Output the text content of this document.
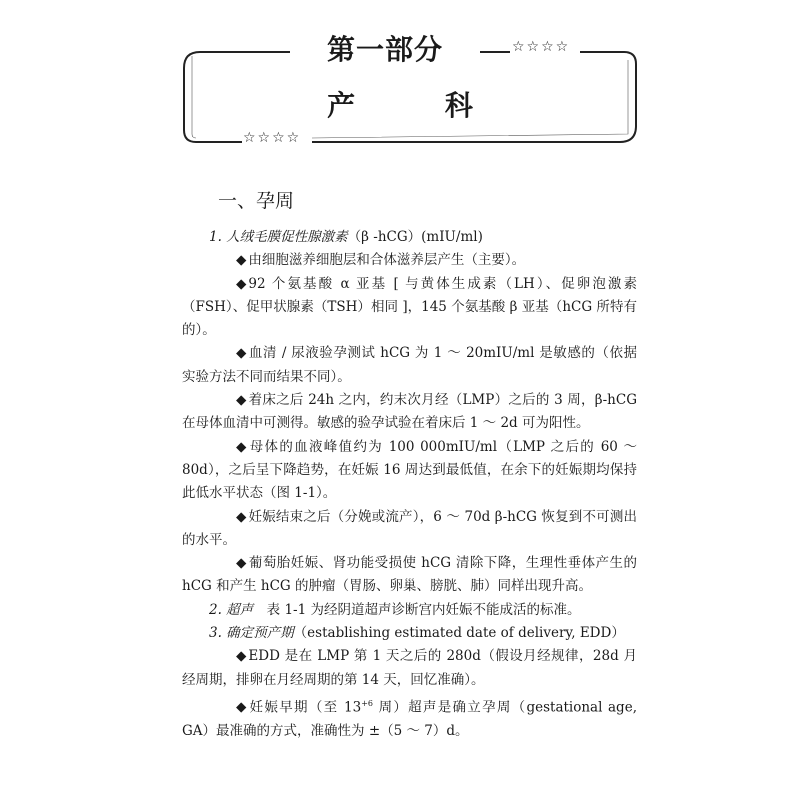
第一部分	☆☆☆☆
产 科
☆☆☆☆
一、孕周

1. 人绒毛膜促性腺激素（β -hCG）(mIU/ml)

◆ 由细胞滋养细胞层和合体滋养层产生（主要）。

◆ 92 个氨基酸 α 亚基 [ 与黄体生成素（LH）、促卵泡激素（FSH）、促甲状腺素（TSH）相同 ]，145 个氨基酸 β 亚基（hCG 所特有的）。

◆ 血清 / 尿液验孕测试 hCG 为 1 ～ 20mIU/ml 是敏感的（依据实验方法不同而结果不同）。

◆ 着床之后 24h 之内，约末次月经（LMP）之后的 3 周，β-hCG 在母体血清中可测得。敏感的验孕试验在着床后 1 ～ 2d 可为阳性。

◆ 母体的血液峰值约为 100 000mIU/ml（LMP 之后的 60 ～ 80d），之后呈下降趋势，在妊娠 16 周达到最低值，在余下的妊娠期均保持此低水平状态（图 1-1）。

◆ 妊娠结束之后（分娩或流产），6 ～ 70d β-hCG 恢复到不可测出的水平。

◆ 葡萄胎妊娠、肾功能受损使 hCG 清除下降，生理性垂体产生的 hCG 和产生 hCG 的肿瘤（胃肠、卵巢、膀胱、肺）同样出现升高。

2. 超声　 表 1-1 为经阴道超声诊断宫内妊娠不能成活的标准。

3. 确定预产期（establishing estimated date of delivery, EDD）

◆ EDD 是在 LMP 第 1 天之后的 280d（假设月经规律，28d 月经周期，排卵在月经周期的第 14 天，回忆准确）。

◆ 妊娠早期（至 $13^{+6}$ 周）超声是确立孕周（gestational age, GA）最准确的方式，准确性为 ±（5 ～ 7）d。
